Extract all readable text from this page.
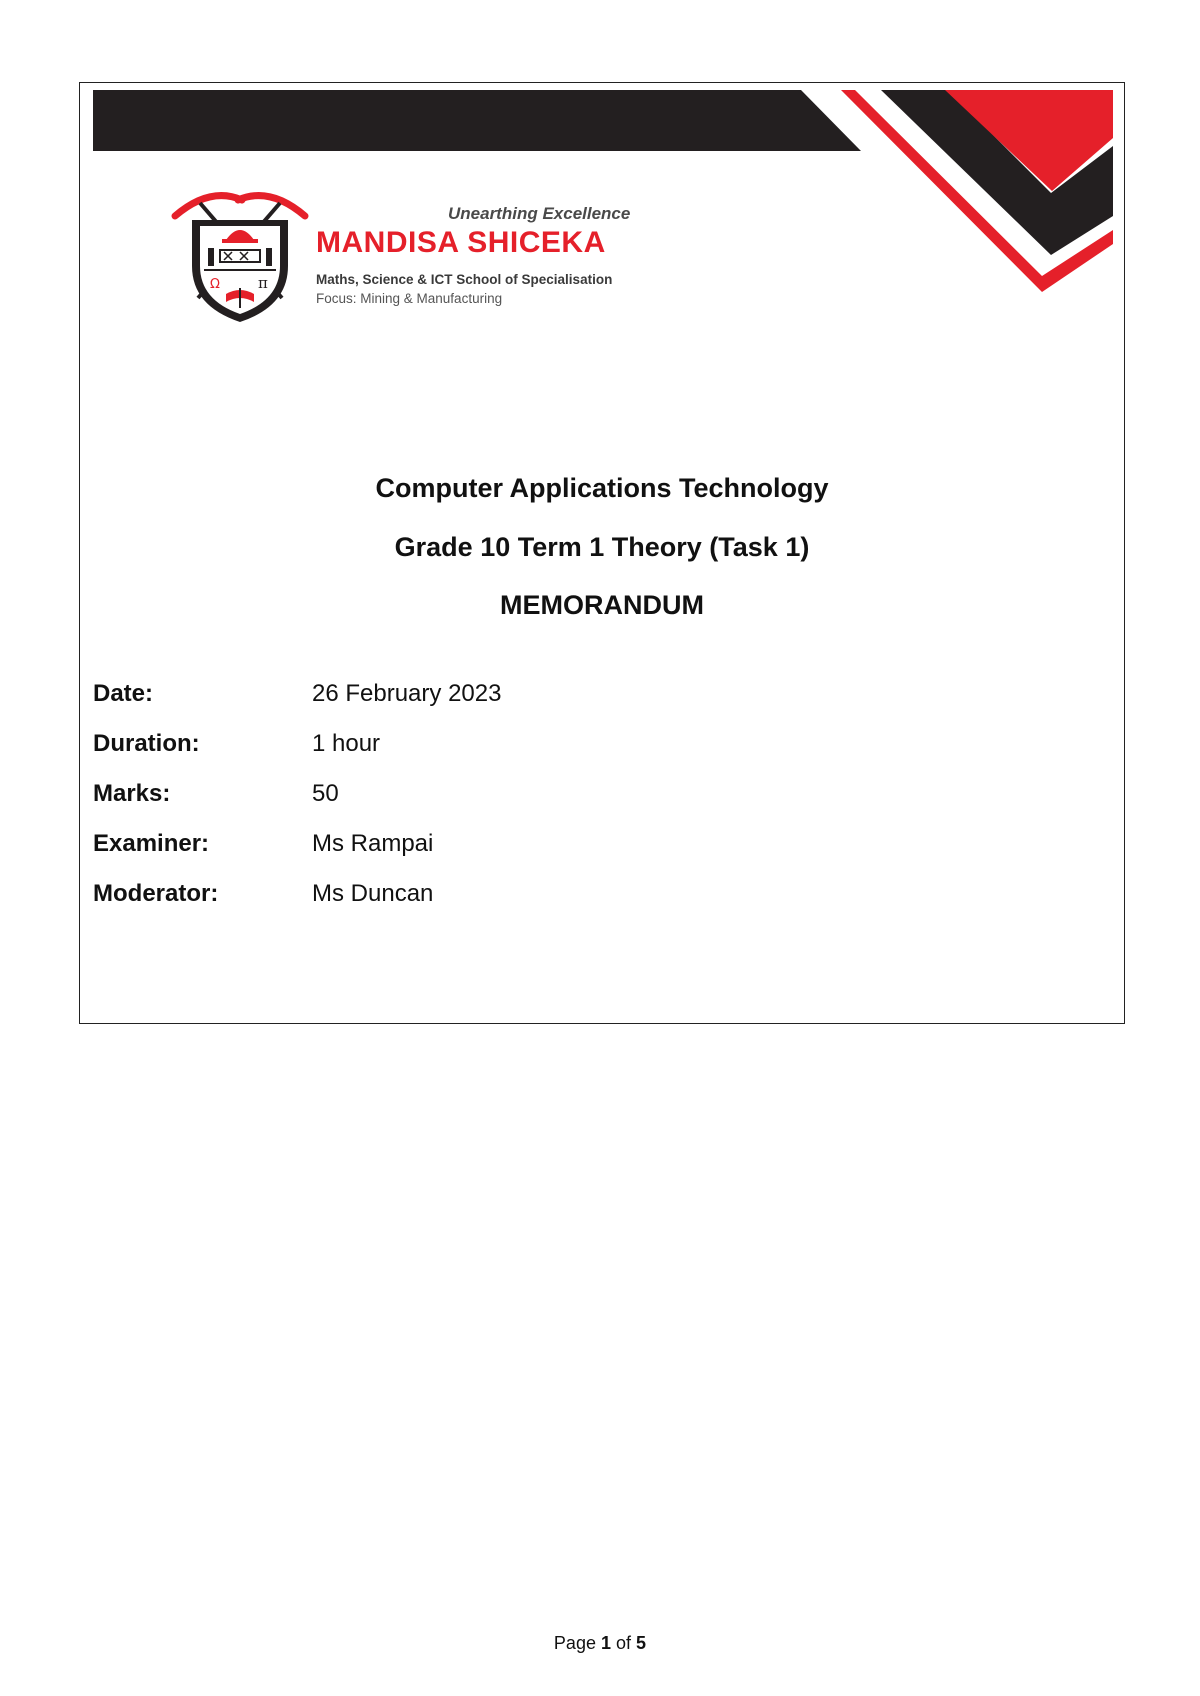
Ω	π
Unearthing Excellence
MANDISA SHICEKA
Maths, Science & ICT School of Specialisation
Focus: Mining & Manufacturing
Computer Applications Technology
Grade 10 Term 1 Theory (Task 1)
MEMORANDUM
Date:	26 February 2023
Duration:	1 hour
Marks:	50
Examiner:	Ms Rampai
Moderator:	Ms Duncan
Page 1 of 5
